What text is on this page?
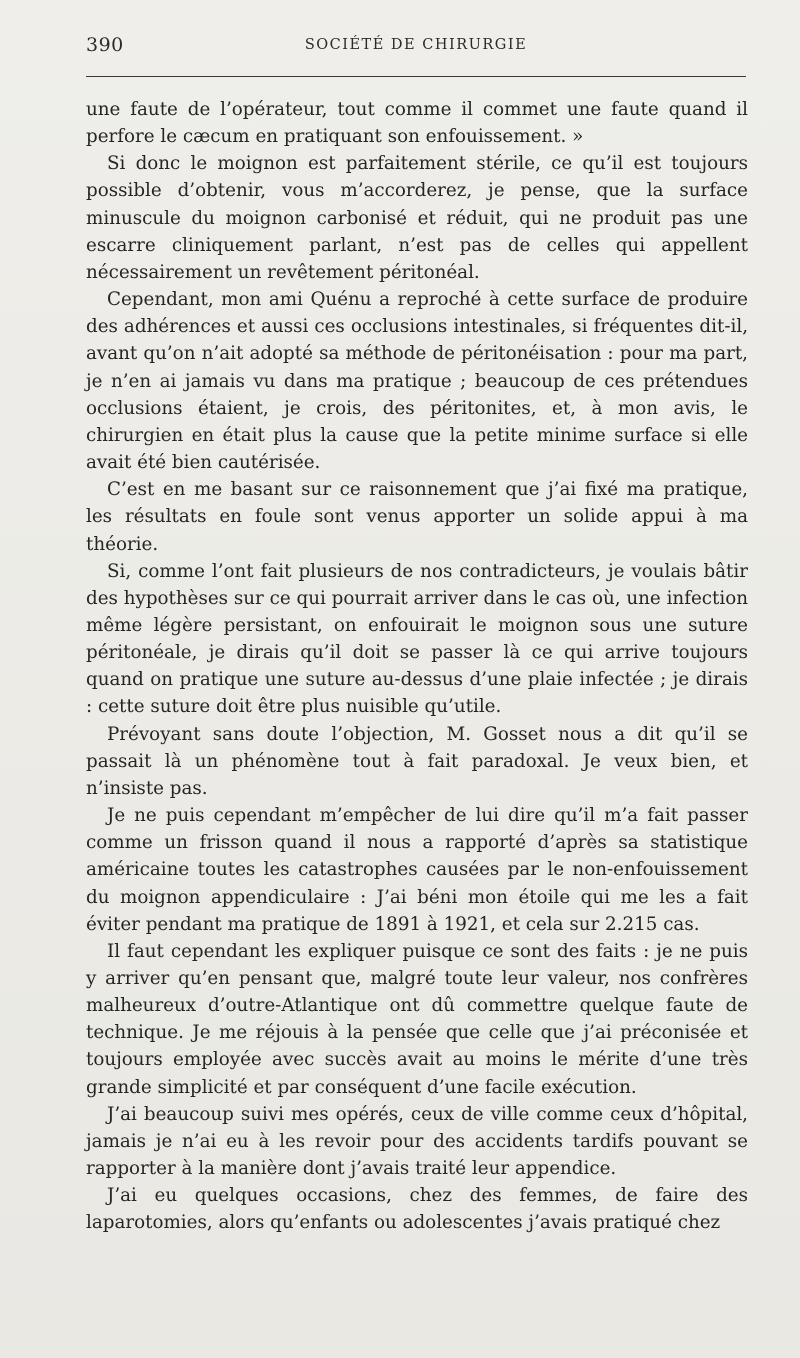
390	SOCIÉTÉ DE CHIRURGIE

une faute de l’opérateur, tout comme il commet une faute quand il perfore le cæcum en pratiquant son enfouissement. »

Si donc le moignon est parfaitement stérile, ce qu’il est toujours possible d’obtenir, vous m’accorderez, je pense, que la surface minuscule du moignon carbonisé et réduit, qui ne produit pas une escarre cliniquement parlant, n’est pas de celles qui appellent nécessairement un revêtement péritonéal.

Cependant, mon ami Quénu a reproché à cette surface de produire des adhérences et aussi ces occlusions intestinales, si fréquentes dit-il, avant qu’on n’ait adopté sa méthode de péritonéisation : pour ma part, je n’en ai jamais vu dans ma pratique ; beaucoup de ces prétendues occlusions étaient, je crois, des péritonites, et, à mon avis, le chirurgien en était plus la cause que la petite minime surface si elle avait été bien cautérisée.

C’est en me basant sur ce raisonnement que j’ai fixé ma pratique, les résultats en foule sont venus apporter un solide appui à ma théorie.

Si, comme l’ont fait plusieurs de nos contradicteurs, je voulais bâtir des hypothèses sur ce qui pourrait arriver dans le cas où, une infection même légère persistant, on enfouirait le moignon sous une suture péritonéale, je dirais qu’il doit se passer là ce qui arrive toujours quand on pratique une suture au-dessus d’une plaie infectée ; je dirais : cette suture doit être plus nuisible qu’utile.

Prévoyant sans doute l’objection, M. Gosset nous a dit qu’il se passait là un phénomène tout à fait paradoxal. Je veux bien, et n’insiste pas.

Je ne puis cependant m’empêcher de lui dire qu’il m’a fait passer comme un frisson quand il nous a rapporté d’après sa statistique américaine toutes les catastrophes causées par le non-enfouissement du moignon appendiculaire : J’ai béni mon étoile qui me les a fait éviter pendant ma pratique de 1891 à 1921, et cela sur 2.215 cas.

Il faut cependant les expliquer puisque ce sont des faits : je ne puis y arriver qu’en pensant que, malgré toute leur valeur, nos confrères malheureux d’outre-Atlantique ont dû commettre quelque faute de technique. Je me réjouis à la pensée que celle que j’ai préconisée et toujours employée avec succès avait au moins le mérite d’une très grande simplicité et par conséquent d’une facile exécution.

J’ai beaucoup suivi mes opérés, ceux de ville comme ceux d’hôpital, jamais je n’ai eu à les revoir pour des accidents tardifs pouvant se rapporter à la manière dont j’avais traité leur appendice.

J’ai eu quelques occasions, chez des femmes, de faire des laparotomies, alors qu’enfants ou adolescentes j’avais pratiqué chez
